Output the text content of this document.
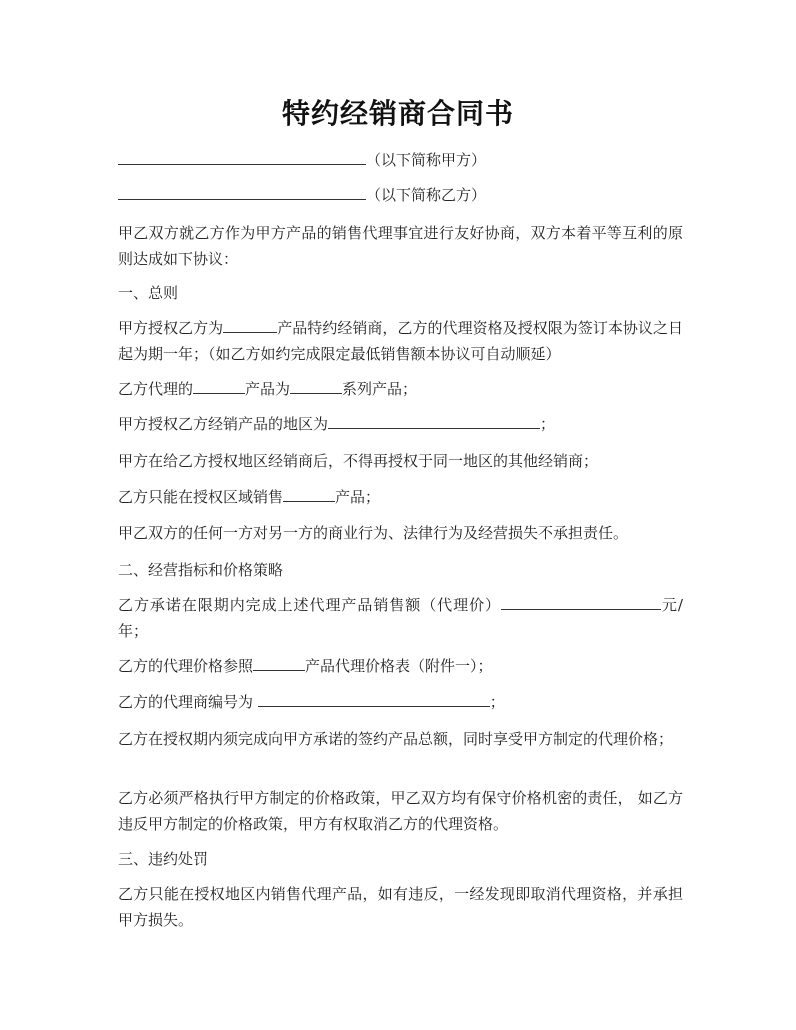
特约经销商合同书
（以下简称甲方）
（以下简称乙方）
甲乙双方就乙方作为甲方产品的销售代理事宜进行友好协商，双方本着平等互利的原则达成如下协议：
一、总则
甲方授权乙方为	产品特约经销商，乙方的代理资格及授权限为签订本协议之日起为期一年；（如乙方如约完成限定最低销售额本协议可自动顺延）
乙方代理的	产品为	系列产品；
甲方授权乙方经销产品的地区为	；
甲方在给乙方授权地区经销商后，不得再授权于同一地区的其他经销商；
乙方只能在授权区域销售	产品；
甲乙双方的任何一方对另一方的商业行为、法律行为及经营损失不承担责任。
二、经营指标和价格策略
乙方承诺在限期内完成上述代理产品销售额（代理价）	元/年；
乙方的代理价格参照	产品代理价格表（附件一）；
乙方的代理商编号为	；
乙方在授权期内须完成向甲方承诺的签约产品总额，同时享受甲方制定的代理价格；
乙方必须严格执行甲方制定的价格政策，甲乙双方均有保守价格机密的责任， 如乙方违反甲方制定的价格政策，甲方有权取消乙方的代理资格。
三、违约处罚
乙方只能在授权地区内销售代理产品，如有违反，一经发现即取消代理资格，并承担甲方损失。
